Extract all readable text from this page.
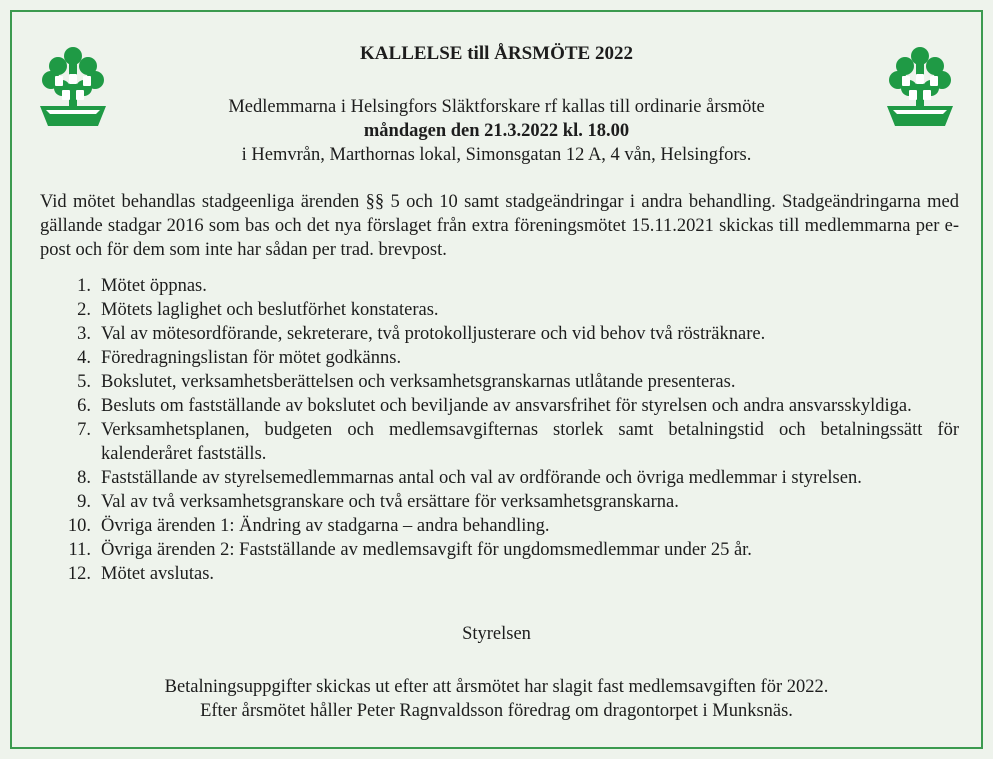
KALLELSE till ÅRSMÖTE 2022
Medlemmarna i Helsingfors Släktforskare rf kallas till ordinarie årsmöte
måndagen den 21.3.2022 kl. 18.00
i Hemvrån, Marthornas lokal, Simonsgatan 12 A, 4 vån, Helsingfors.
Vid mötet behandlas stadgeenliga ärenden §§ 5 och 10 samt stadgeändringar i andra behandling. Stadgeändringarna med gällande stadgar 2016 som bas och det nya förslaget från extra föreningsmötet 15.11.2021 skickas till medlemmarna per e-post och för dem som inte har sådan per trad. brevpost.
1. Mötet öppnas.
2. Mötets laglighet och beslutförhet konstateras.
3. Val av mötesordförande, sekreterare, två protokolljusterare och vid behov två rösträknare.
4. Föredragningslistan för mötet godkänns.
5. Bokslutet, verksamhetsberättelsen och verksamhetsgranskarnas utlåtande presenteras.
6. Besluts om fastställande av bokslutet och beviljande av ansvarsfrihet för styrelsen och andra ansvarsskyldiga.
7. Verksamhetsplanen, budgeten och medlemsavgifternas storlek samt betalningstid och betalningssätt för kalenderåret fastställs.
8. Fastställande av styrelsemedlemmarnas antal och val av ordförande och övriga medlemmar i styrelsen.
9. Val av två verksamhetsgranskare och två ersättare för verksamhetsgranskarna.
10. Övriga ärenden 1: Ändring av stadgarna – andra behandling.
11. Övriga ärenden 2: Fastställande av medlemsavgift för ungdomsmedlemmar under 25 år.
12. Mötet avslutas.
Styrelsen
Betalningsuppgifter skickas ut efter att årsmötet har slagit fast medlemsavgiften för 2022.
Efter årsmötet håller Peter Ragnvaldsson föredrag om dragontorpet i Munksnäs.
